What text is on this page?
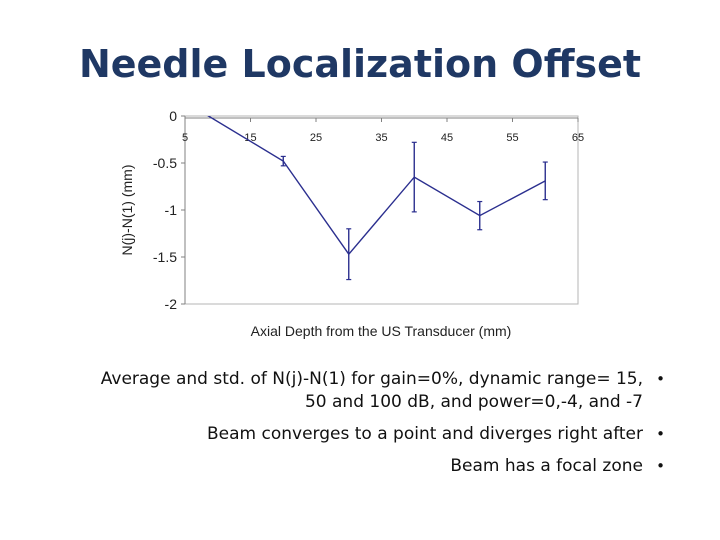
Needle Localization Offset
0
-0.5
-1
-1.5
-2
5	15	25	35	45	55	65
Axial Depth from the US Transducer (mm)
N(j)-N(1) (mm)
Average and std. of N(j)-N(1) for gain=0%, dynamic range= 15, 50 and 100 dB, and power=0,-4, and -7
•
Beam converges to a point and diverges right after •
Beam has a focal zone •
